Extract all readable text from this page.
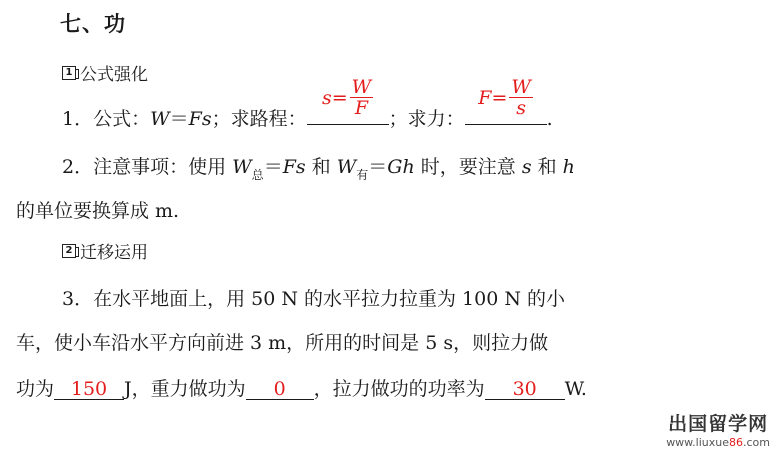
七、功
1 公式强化
1．公式：W＝Fs；求路程：
$s = \frac{W}{F}$
；求力：
$F = \frac{W}{s}$
.
2．注意事项：使用 $W_总=Fs$ 和 $W_有=Gh$ 时，要注意 s 和 h
的单位要换算成 m.
2 迁移运用
3．在水平地面上，用 50 N 的水平拉力拉重为 100 N 的小
车，使小车沿水平方向前进 3 m，所用的时间是 5 s，则拉力做
功为 150 J，重力做功为 0 ，拉力做功的功率为 30 W.
出国留学网
www.liuxue86.com
